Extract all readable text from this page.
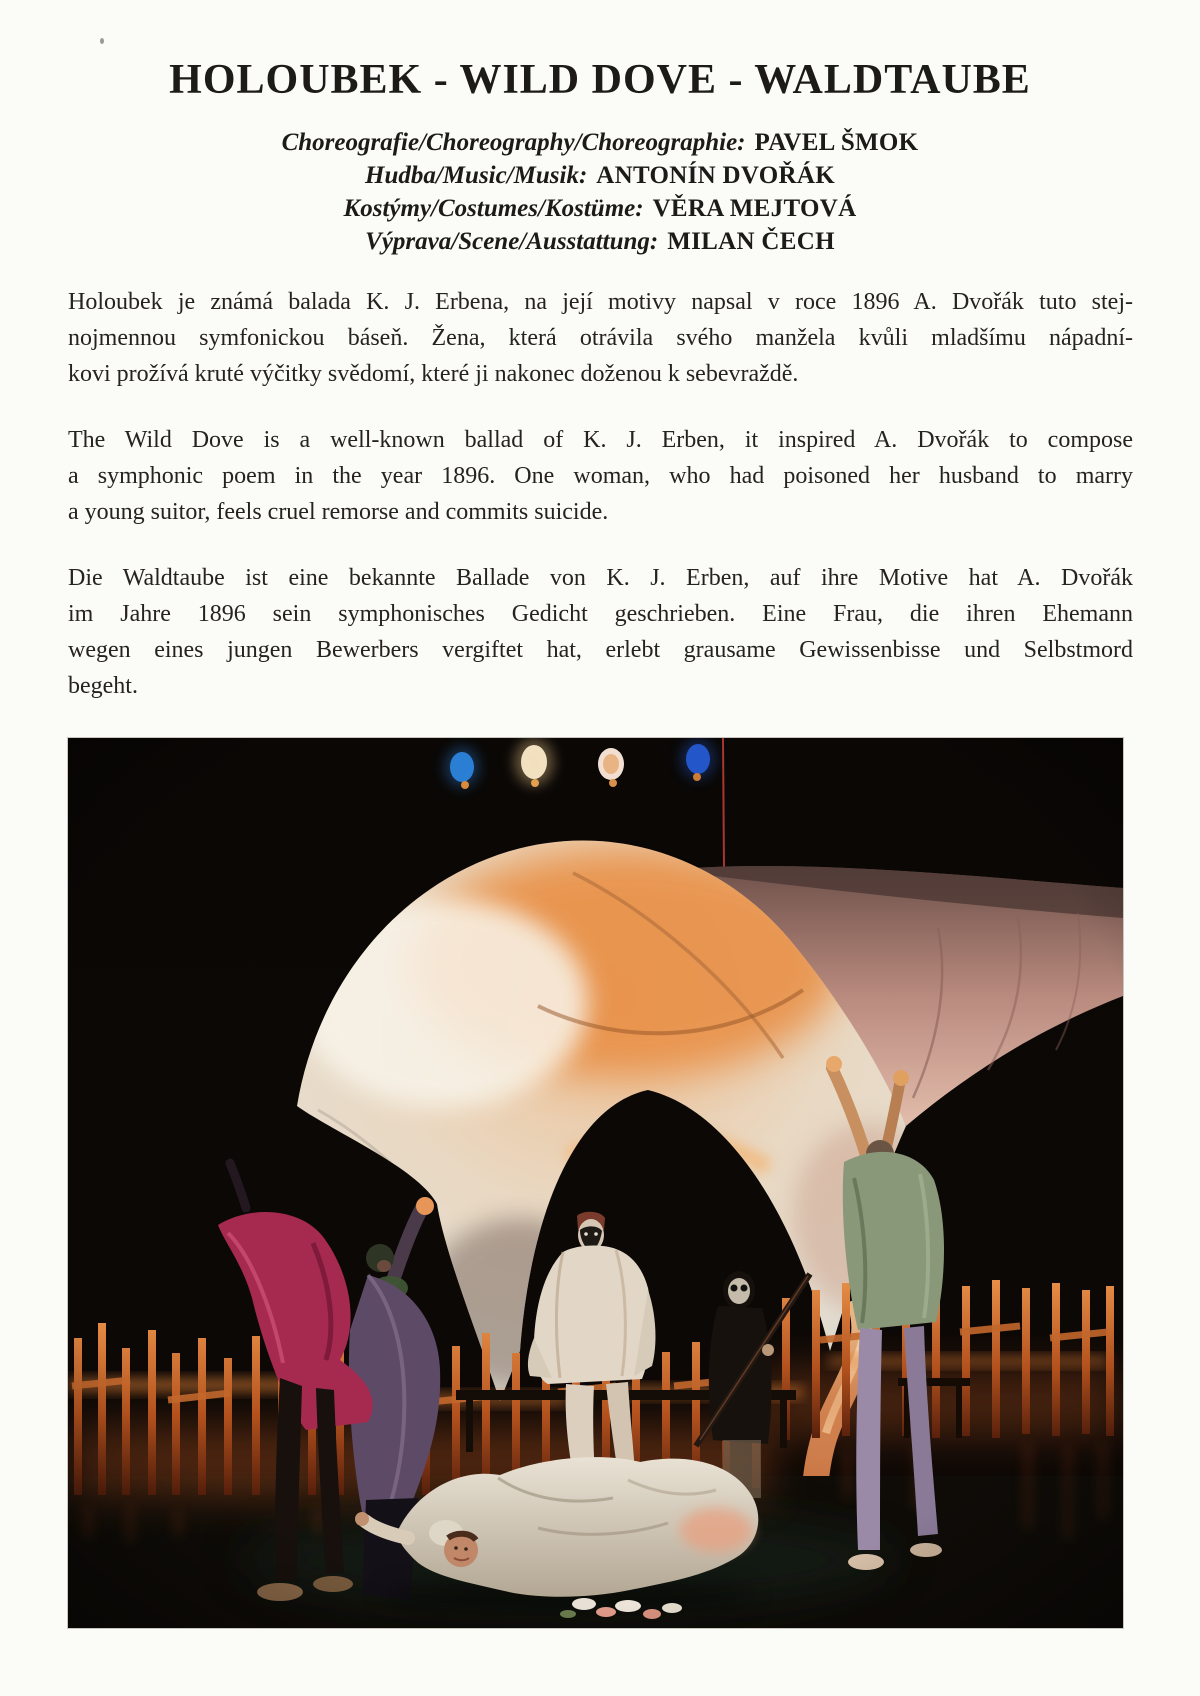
HOLOUBEK - WILD DOVE - WALDTAUBE
Choreografie/Choreography/Choreographie: PAVEL ŠMOK
Hudba/Music/Musik: ANTONÍN DVOŘÁK
Kostýmy/Costumes/Kostüme: VĚRA MEJTOVÁ
Výprava/Scene/Ausstattung: MILAN ČECH
Holoubek je známá balada K. J. Erbena, na její motivy napsal v roce 1896 A. Dvořák tuto stej-
nojmennou symfonickou báseň. Žena, která otrávila svého manžela kvůli mladšímu nápadní-
kovi prožívá kruté výčitky svědomí, které ji nakonec doženou k sebevraždě.
The Wild Dove is a well-known ballad of K. J. Erben, it inspired A. Dvořák to compose
a symphonic poem in the year 1896. One woman, who had poisoned her husband to marry
a young suitor, feels cruel remorse and commits suicide.
Die Waldtaube ist eine bekannte Ballade von K. J. Erben, auf ihre Motive hat A. Dvořák
im Jahre 1896 sein symphonisches Gedicht geschrieben. Eine Frau, die ihren Ehemann
wegen eines jungen Bewerbers vergiftet hat, erlebt grausame Gewissenbisse und Selbstmord
begeht.
